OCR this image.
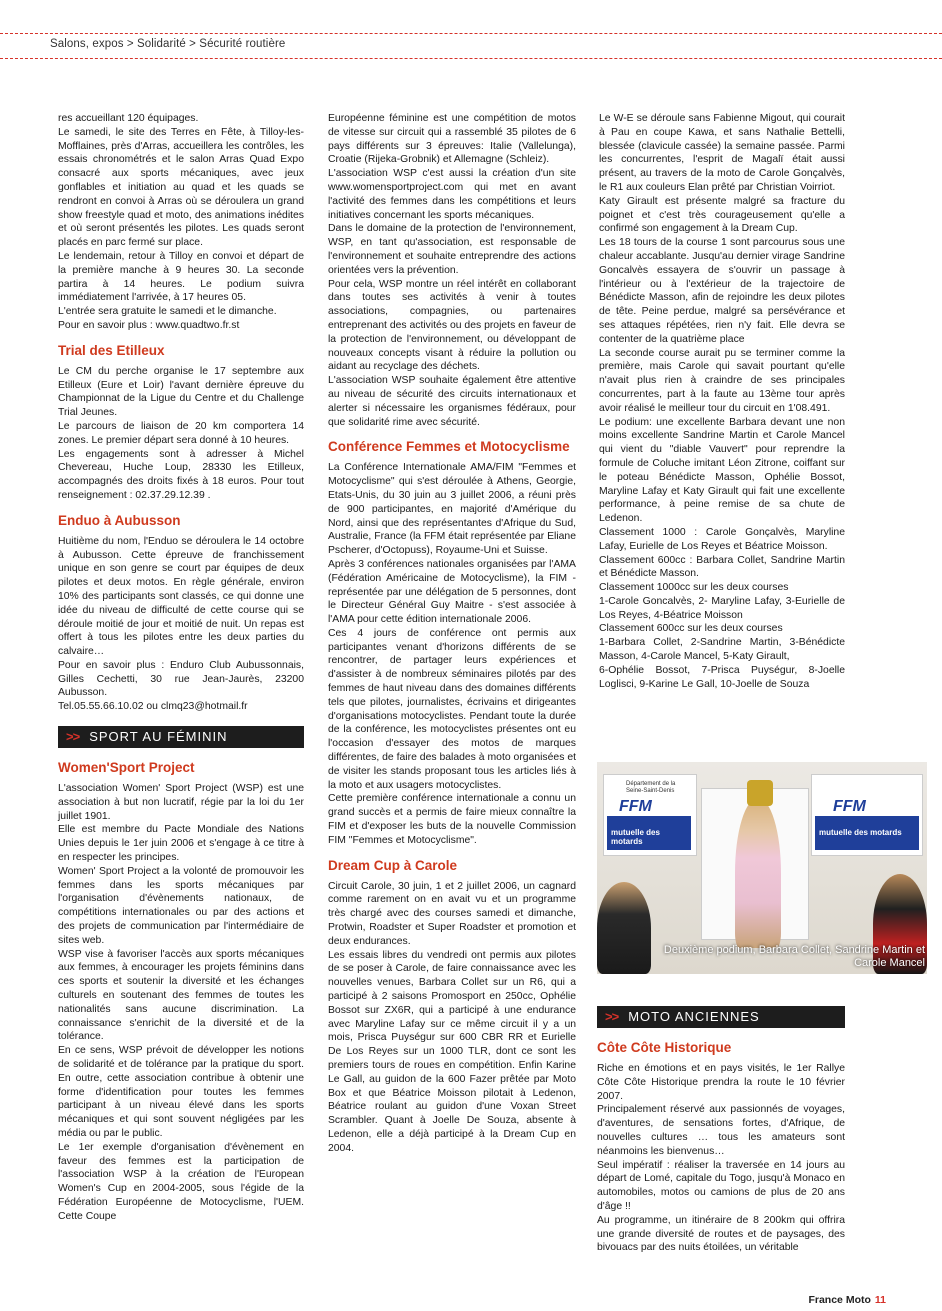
Salons, expos > Solidarité > Sécurité routière

res accueillant 120 équipages.

Le samedi, le site des Terres en Fête, à Tilloy-les-Mofflaines, près d'Arras, accueillera les contrôles, les essais chronométrés et le salon Arras Quad Expo consacré aux sports mécaniques, avec jeux gonflables et initiation au quad et les quads se rendront en convoi à Arras où se déroulera un grand show freestyle quad et moto, des animations inédites et où seront présentés les pilotes. Les quads seront placés en parc fermé sur place.

Le lendemain, retour à Tilloy en convoi et départ de la première manche à 9 heures 30. La seconde partira à 14 heures. Le podium suivra immédiatement l'arrivée, à 17 heures 05.

L'entrée sera gratuite le samedi et le dimanche.

Pour en savoir plus : www.quadtwo.fr.st

Trial des Etilleux

Le CM du perche organise le 17 septembre aux Etilleux (Eure et Loir) l'avant dernière épreuve du Championnat de la Ligue du Centre et du Challenge Trial Jeunes.

Le parcours de liaison de 20 km comportera 14 zones. Le premier départ sera donné à 10 heures.

Les engagements sont à adresser à Michel Chevereau, Huche Loup, 28330 les Etilleux, accompagnés des droits fixés à 18 euros. Pour tout renseignement : 02.37.29.12.39 .

Enduo à Aubusson

Huitième du nom, l'Enduo se déroulera le 14 octobre à Aubusson. Cette épreuve de franchissement unique en son genre se court par équipes de deux pilotes et deux motos. En règle générale, environ 10% des participants sont classés, ce qui donne une idée du niveau de difficulté de cette course qui se déroule moitié de jour et moitié de nuit. Un repas est offert à tous les pilotes entre les deux parties du calvaire…

Pour en savoir plus : Enduro Club Aubussonnais, Gilles Cechetti, 30 rue Jean-Jaurès, 23200 Aubusson.

Tel.05.55.66.10.02 ou clmq23@hotmail.fr

>> SPORT AU FÉMININ
Women'Sport Project

L'association Women' Sport Project (WSP) est une association à but non lucratif, régie par la loi du 1er juillet 1901.

Elle est membre du Pacte Mondiale des Nations Unies depuis le 1er juin 2006 et s'engage à ce titre à en respecter les principes.

Women' Sport Project a la volonté de promouvoir les femmes dans les sports mécaniques par l'organisation d'évènements nationaux, de compétitions internationales ou par des actions et des projets de communication par l'intermédiaire de sites web.

WSP vise à favoriser l'accès aux sports mécaniques aux femmes, à encourager les projets féminins dans ces sports et soutenir la diversité et les échanges culturels en soutenant des femmes de toutes les nationalités sans aucune discrimination. La connaissance s'enrichit de la diversité et de la tolérance.

En ce sens, WSP prévoit de développer les notions de solidarité et de tolérance par la pratique du sport. En outre, cette association contribue à obtenir une forme d'identification pour toutes les femmes participant à un niveau élevé dans les sports mécaniques et qui sont souvent négligées par les média ou par le public.

Le 1er exemple d'organisation d'évènement en faveur des femmes est la participation de l'association WSP à la création de l'European Women's Cup en 2004-2005, sous l'égide de la Fédération Européenne de Motocyclisme, l'UEM. Cette Coupe

Européenne féminine est une compétition de motos de vitesse sur circuit qui a rassemblé 35 pilotes de 6 pays différents sur 3 épreuves: Italie (Vallelunga), Croatie (Rijeka-Grobnik) et Allemagne (Schleiz).

L'association WSP c'est aussi la création d'un site www.womensportproject.com qui met en avant l'activité des femmes dans les compétitions et leurs initiatives concernant les sports mécaniques.

Dans le domaine de la protection de l'environnement, WSP, en tant qu'association, est responsable de l'environnement et souhaite entreprendre des actions orientées vers la prévention.

Pour cela, WSP montre un réel intérêt en collaborant dans toutes ses activités à venir à toutes associations, compagnies, ou partenaires entreprenant des activités ou des projets en faveur de la protection de l'environnement, ou développant de nouveaux concepts visant à réduire la pollution ou aidant au recyclage des déchets.

L'association WSP souhaite également être attentive au niveau de sécurité des circuits internationaux et alerter si nécessaire les organismes fédéraux, pour que solidarité rime avec sécurité.

Conférence Femmes et Motocyclisme

La Conférence Internationale AMA/FIM "Femmes et Motocyclisme" qui s'est déroulée à Athens, Georgie, Etats-Unis, du 30 juin au 3 juillet 2006, a réuni près de 900 participantes, en majorité d'Amérique du Nord, ainsi que des représentantes d'Afrique du Sud, Australie, France (la FFM était représentée par Eliane Pscherer, d'Octopuss), Royaume-Uni et Suisse.

Après 3 conférences nationales organisées par l'AMA (Fédération Américaine de Motocyclisme), la FIM - représentée par une délégation de 5 personnes, dont le Directeur Général Guy Maitre - s'est associée à l'AMA pour cette édition internationale 2006.

Ces 4 jours de conférence ont permis aux participantes venant d'horizons différents de se rencontrer, de partager leurs expériences et d'assister à de nombreux séminaires pilotés par des femmes de haut niveau dans des domaines différents tels que pilotes, journalistes, écrivains et dirigeantes d'organisations motocyclistes. Pendant toute la durée de la conférence, les motocyclistes présentes ont eu l'occasion d'essayer des motos de marques différentes, de faire des balades à moto organisées et de visiter les stands proposant tous les articles liés à la moto et aux usagers motocyclistes.

Cette première conférence internationale a connu un grand succès et a permis de faire mieux connaître la FIM et d'exposer les buts de la nouvelle Commission FIM "Femmes et Motocyclisme".

Dream Cup à Carole

Circuit Carole, 30 juin, 1 et 2 juillet 2006, un cagnard comme rarement on en avait vu et un programme très chargé avec des courses samedi et dimanche, Protwin, Roadster et Super Roadster et promotion et deux endurances.

Les essais libres du vendredi ont permis aux pilotes de se poser à Carole, de faire connaissance avec les nouvelles venues, Barbara Collet sur un R6, qui a participé à 2 saisons Promosport en 250cc, Ophélie Bossot sur ZX6R, qui a participé à une endurance avec Maryline Lafay sur ce même circuit il y a un mois, Prisca Puységur sur 600 CBR RR et Eurielle De Los Reyes sur un 1000 TLR, dont ce sont les premiers tours de roues en compétition. Enfin Karine Le Gall, au guidon de la 600 Fazer prêtée par Moto Box et que Béatrice Moisson pilotait à Ledenon, Béatrice roulant au guidon d'une Voxan Street Scrambler. Quant à Joelle De Souza, absente à Ledenon, elle a déjà participé à la Dream Cup en 2004.

Le W-E se déroule sans Fabienne Migout, qui courait à Pau en coupe Kawa, et sans Nathalie Bettelli, blessée (clavicule cassée) la semaine passée. Parmi les concurrentes, l'esprit de Magalï était aussi présent, au travers de la moto de Carole Gonçalvès, le R1 aux couleurs Elan prêté par Christian Voirriot.

Katy Girault est présente malgré sa fracture du poignet et c'est très courageusement qu'elle a confirmé son engagement à la Dream Cup.

Les 18 tours de la course 1 sont parcourus sous une chaleur accablante. Jusqu'au dernier virage Sandrine Goncalvès essayera de s'ouvrir un passage à l'intérieur ou à l'extérieur de la trajectoire de Bénédicte Masson, afin de rejoindre les deux pilotes de tête. Peine perdue, malgré sa persévérance et ses attaques répétées, rien n'y fait. Elle devra se contenter de la quatrième place

La seconde course aurait pu se terminer comme la première, mais Carole qui savait pourtant qu'elle n'avait plus rien à craindre de ses principales concurrentes, part à la faute au 13ème tour après avoir réalisé le meilleur tour du circuit en 1'08.491.

Le podium: une excellente Barbara devant une non moins excellente Sandrine Martin et Carole Mancel qui vient du "diable Vauvert" pour reprendre la formule de Coluche imitant Léon Zitrone, coiffant sur le poteau Bénédicte Masson, Ophélie Bossot, Maryline Lafay et Katy Girault qui fait une excellente performance, à peine remise de sa chute de Ledenon.

Classement 1000 : Carole Gonçalvès, Maryline Lafay, Eurielle de Los Reyes et Béatrice Moisson.

Classement 600cc : Barbara Collet, Sandrine Martin et Bénédicte Masson.

Classement 1000cc sur les deux courses

1-Carole Goncalvès, 2- Maryline Lafay, 3-Eurielle de Los Reyes, 4-Béatrice Moisson

Classement 600cc sur les deux courses

1-Barbara Collet, 2-Sandrine Martin, 3-Bénédicte Masson, 4-Carole Mancel, 5-Katy Girault,

6-Ophélie Bossot, 7-Prisca Puységur, 8-Joelle Loglisci, 9-Karine Le Gall, 10-Joelle de Souza

Département de la Seine-Saint-Denis
mutuelle des motards
mutuelle des motards
FFM	FFM
Deuxième podium, Barbara Collet, Sandrine Martin et Carole Mancel
>> MOTO ANCIENNES
Côte Côte Historique

Riche en émotions et en pays visités, le 1er Rallye Côte Côte Historique prendra la route le 10 février 2007.

Principalement réservé aux passionnés de voyages, d'aventures, de sensations fortes, d'Afrique, de nouvelles cultures … tous les amateurs sont néanmoins les bienvenus…

Seul impératif : réaliser la traversée en 14 jours au départ de Lomé, capitale du Togo, jusqu'à Monaco en automobiles, motos ou camions de plus de 20 ans d'âge !!

Au programme, un itinéraire de 8 200km qui offrira une grande diversité de routes et de paysages, des bivouacs par des nuits étoilées, un véritable

France Moto 11
